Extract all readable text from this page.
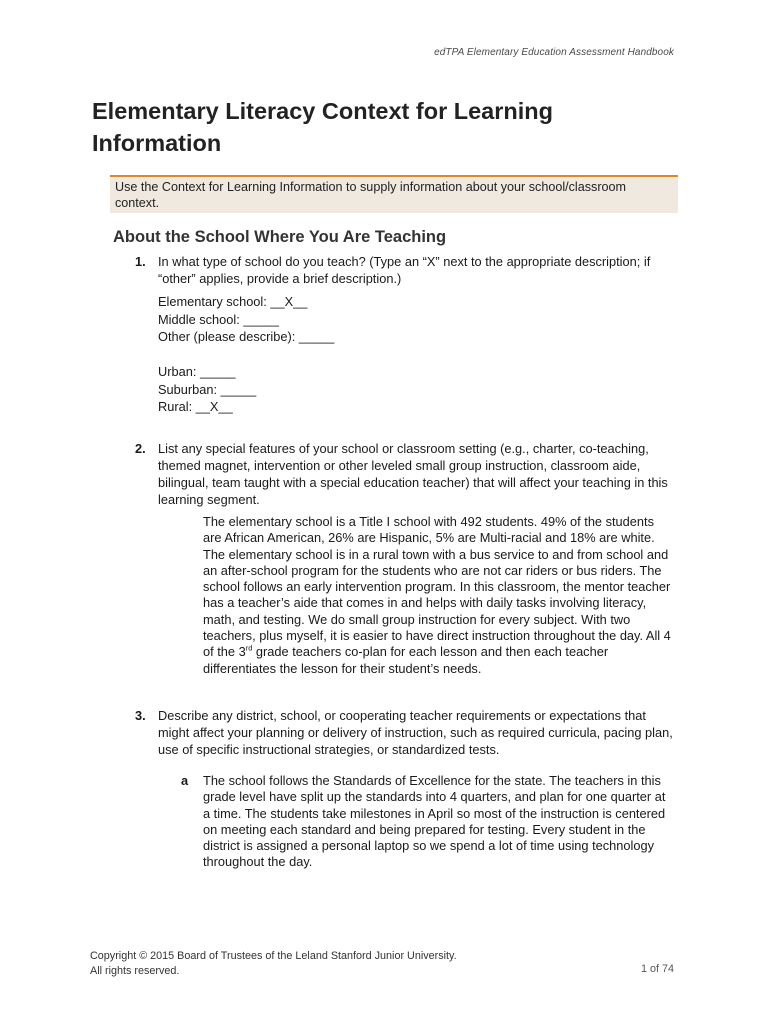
edTPA Elementary Education Assessment Handbook
Elementary Literacy Context for Learning Information
Use the Context for Learning Information to supply information about your school/classroom context.
About the School Where You Are Teaching
1. In what type of school do you teach? (Type an “X” next to the appropriate description; if “other” applies, provide a brief description.)
Elementary school: __X__
Middle school: _____
Other (please describe): _____
Urban: _____
Suburban: _____
Rural: __X__
2. List any special features of your school or classroom setting (e.g., charter, co-teaching, themed magnet, intervention or other leveled small group instruction, classroom aide, bilingual, team taught with a special education teacher) that will affect your teaching in this learning segment.
The elementary school is a Title I school with 492 students. 49% of the students are African American, 26% are Hispanic, 5% are Multi-racial and 18% are white. The elementary school is in a rural town with a bus service to and from school and an after-school program for the students who are not car riders or bus riders. The school follows an early intervention program. In this classroom, the mentor teacher has a teacher’s aide that comes in and helps with daily tasks involving literacy, math, and testing. We do small group instruction for every subject. With two teachers, plus myself, it is easier to have direct instruction throughout the day. All 4 of the 3rd grade teachers co-plan for each lesson and then each teacher differentiates the lesson for their student’s needs.
3. Describe any district, school, or cooperating teacher requirements or expectations that might affect your planning or delivery of instruction, such as required curricula, pacing plan, use of specific instructional strategies, or standardized tests.
a The school follows the Standards of Excellence for the state. The teachers in this grade level have split up the standards into 4 quarters, and plan for one quarter at a time. The students take milestones in April so most of the instruction is centered on meeting each standard and being prepared for testing. Every student in the district is assigned a personal laptop so we spend a lot of time using technology throughout the day.
Copyright © 2015 Board of Trustees of the Leland Stanford Junior University.
All rights reserved.	1 of 74
